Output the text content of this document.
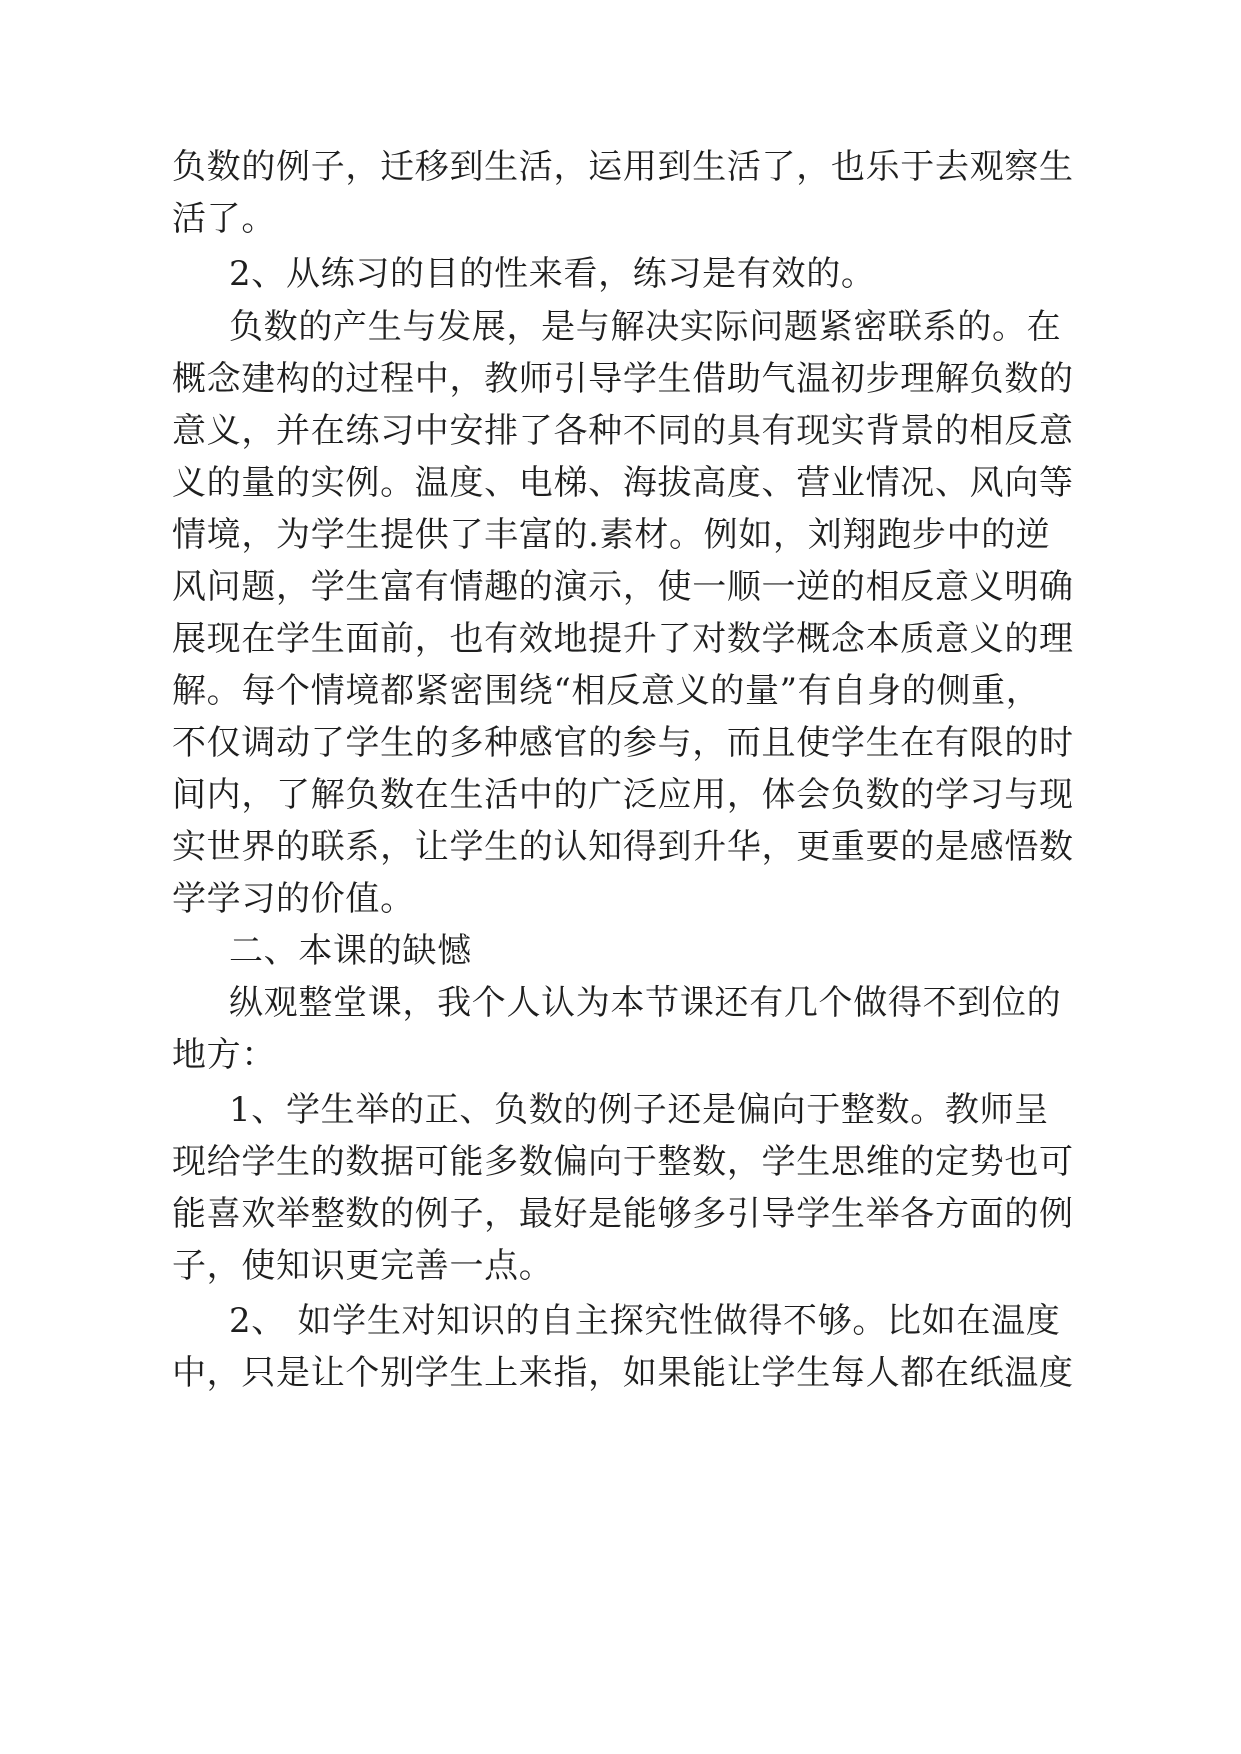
负数的例子，迁移到生活，运用到生活了，也乐于去观察生

活了。

2、从练习的目的性来看，练习是有效的。

负数的产生与发展，是与解决实际问题紧密联系的。在

概念建构的过程中，教师引导学生借助气温初步理解负数的

意义，并在练习中安排了各种不同的具有现实背景的相反意

义的量的实例。温度、电梯、海拔高度、营业情况、风向等

情境，为学生提供了丰富的.素材。例如，刘翔跑步中的逆

风问题，学生富有情趣的演示，使一顺一逆的相反意义明确

展现在学生面前，也有效地提升了对数学概念本质意义的理

解。每个情境都紧密围绕“相反意义的量”有自身的侧重，

不仅调动了学生的多种感官的参与，而且使学生在有限的时

间内，了解负数在生活中的广泛应用，体会负数的学习与现

实世界的联系，让学生的认知得到升华，更重要的是感悟数

学学习的价值。

二、本课的缺憾

纵观整堂课，我个人认为本节课还有几个做得不到位的

地方：

1、学生举的正、负数的例子还是偏向于整数。教师呈

现给学生的数据可能多数偏向于整数，学生思维的定势也可

能喜欢举整数的例子，最好是能够多引导学生举各方面的例

子，使知识更完善一点。

2、 如学生对知识的自主探究性做得不够。比如在温度

中，只是让个别学生上来指，如果能让学生每人都在纸温度
